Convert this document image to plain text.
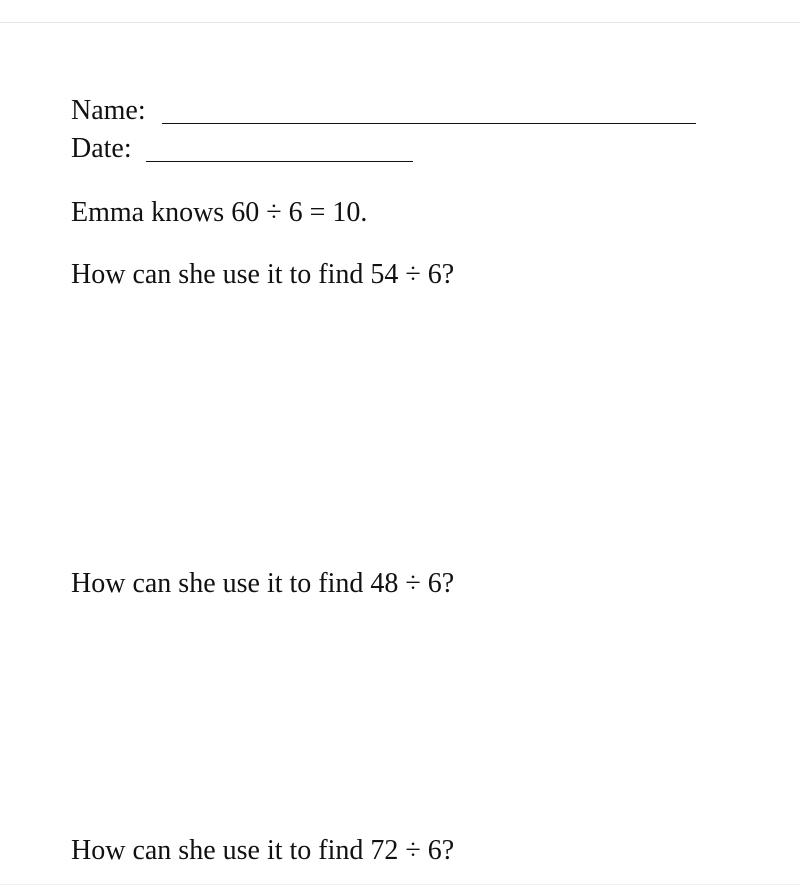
Name:
Date:
Emma knows 60 ÷ 6 = 10.
How can she use it to find 54 ÷ 6?
How can she use it to find 48 ÷ 6?
How can she use it to find 72 ÷ 6?
